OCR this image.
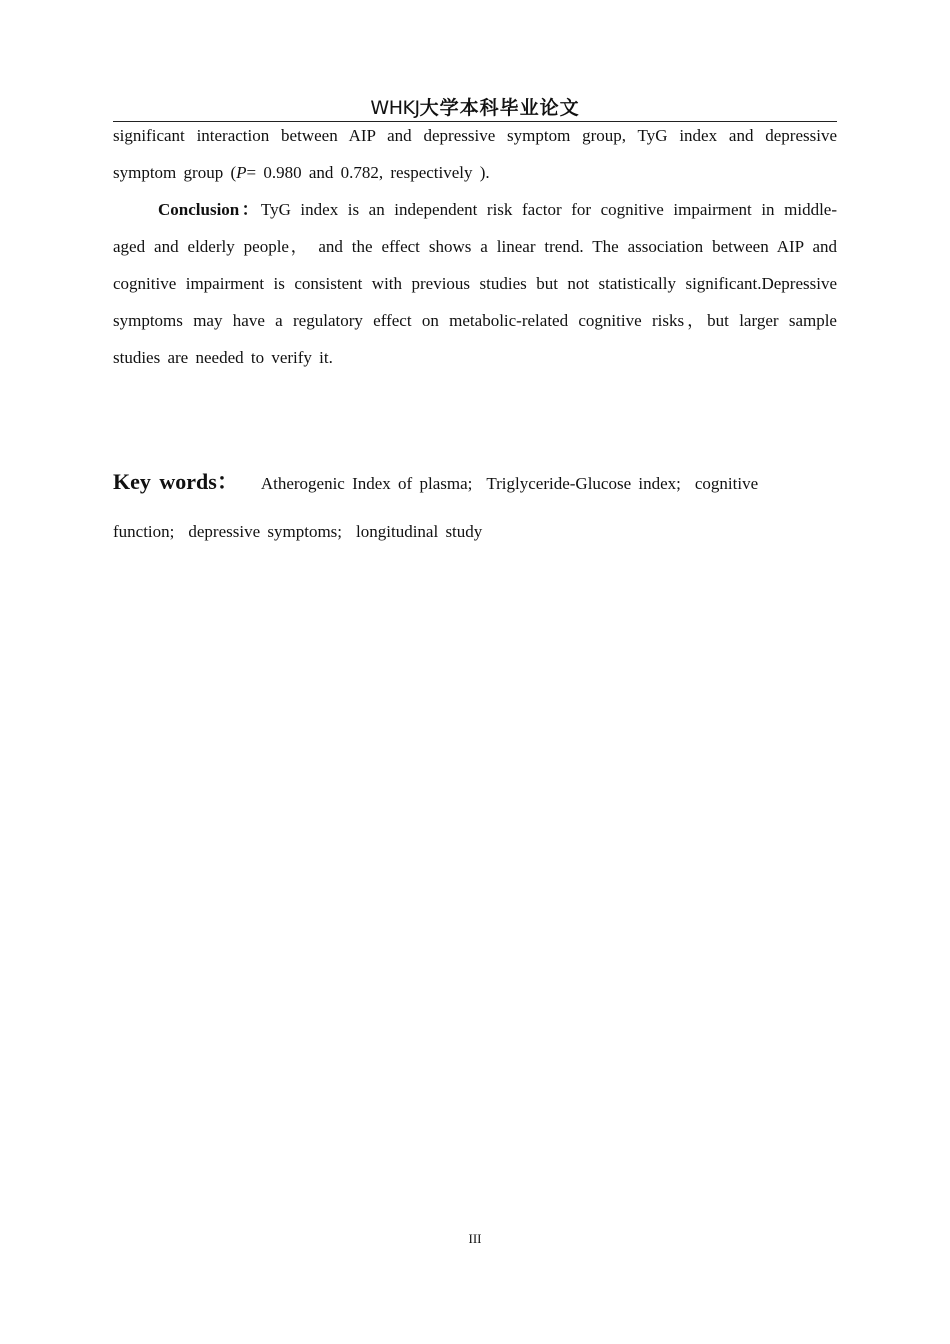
WHKJ大学本科毕业论文

significant interaction between AIP and depressive symptom group, TyG index and depressive symptom group (P= 0.980 and 0.782, respectively ).

Conclusion：TyG index is an independent risk factor for cognitive impairment in middle-aged and elderly people， and the effect shows a linear trend. The association between AIP and cognitive impairment is consistent with previous studies but not statistically significant.Depressive symptoms may have a regulatory effect on metabolic-related cognitive risks，but larger sample studies are needed to verify it.

Key words： Atherogenic Index of plasma; Triglyceride-Glucose index; cognitive function; depressive symptoms; longitudinal study
III
